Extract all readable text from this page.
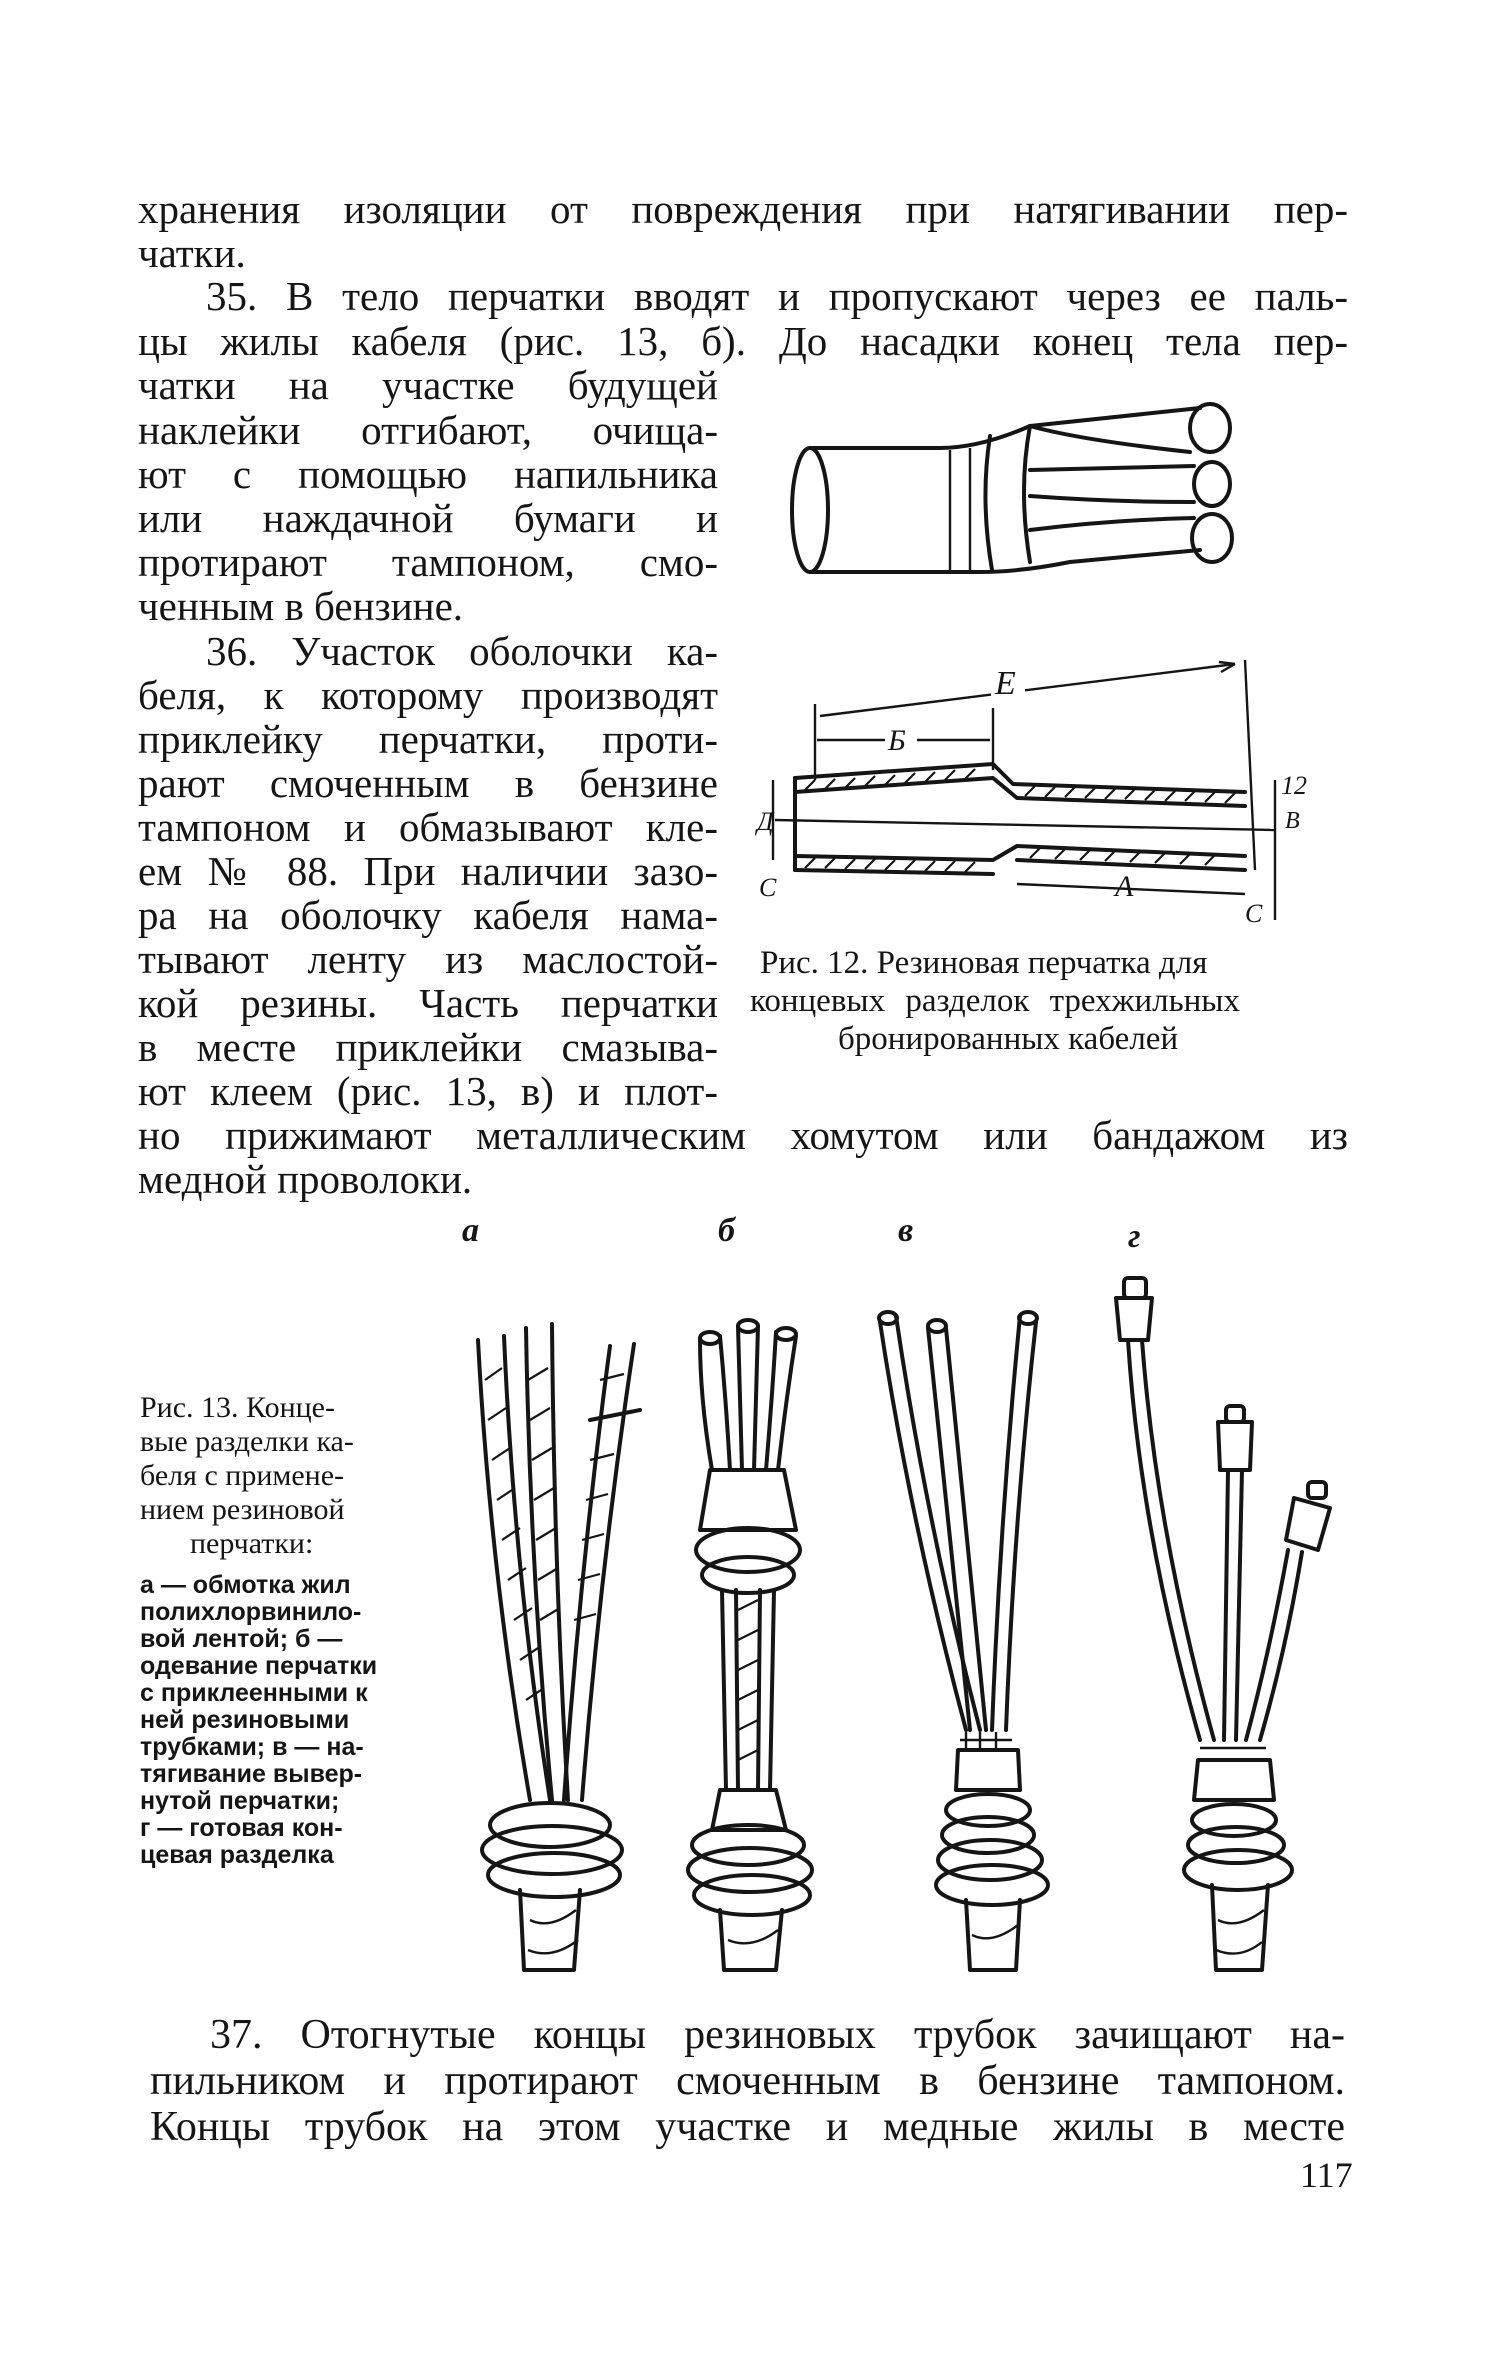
хранения изоляции от повреждения при натягивании пер-
чатки.
35. В тело перчатки вводят и пропускают через ее паль-
цы жилы кабеля (рис. 13, б). До насадки конец тела пер-
чатки на участке будущей
наклейки отгибают, очища-
ют с помощью напильника
или наждачной бумаги и
протирают тампоном, смо-
ченным в бензине.
36. Участок оболочки ка-
беля, к которому производят
приклейку перчатки, проти-
рают смоченным в бензине
тампоном и обмазывают кле-
ем № 88. При наличии зазо-
ра на оболочку кабеля нама-
тывают ленту из маслостой-
кой резины. Часть перчатки
в месте приклейки смазыва-
ют клеем (рис. 13, в) и плот-
но прижимают металлическим хомутом или бандажом из
медной проволоки.
Е
Б
Д
С	А
12
В
С
Рис. 12. Резиновая перчатка для
концевых разделок трехжильных
бронированных кабелей
а	б	в	г
Рис. 13. Конце-
вые разделки ка-
беля с примене-
нием резиновой
перчатки:
а — обмотка жил
полихлорвинило-
вой лентой; б —
одевание перчатки
с приклеенными к
ней резиновыми
трубками; в — на-
тягивание вывер-
нутой перчатки;
г — готовая кон-
цевая разделка
37. Отогнутые концы резиновых трубок зачищают на-
пильником и протирают смоченным в бензине тампоном.
Концы трубок на этом участке и медные жилы в месте
117
